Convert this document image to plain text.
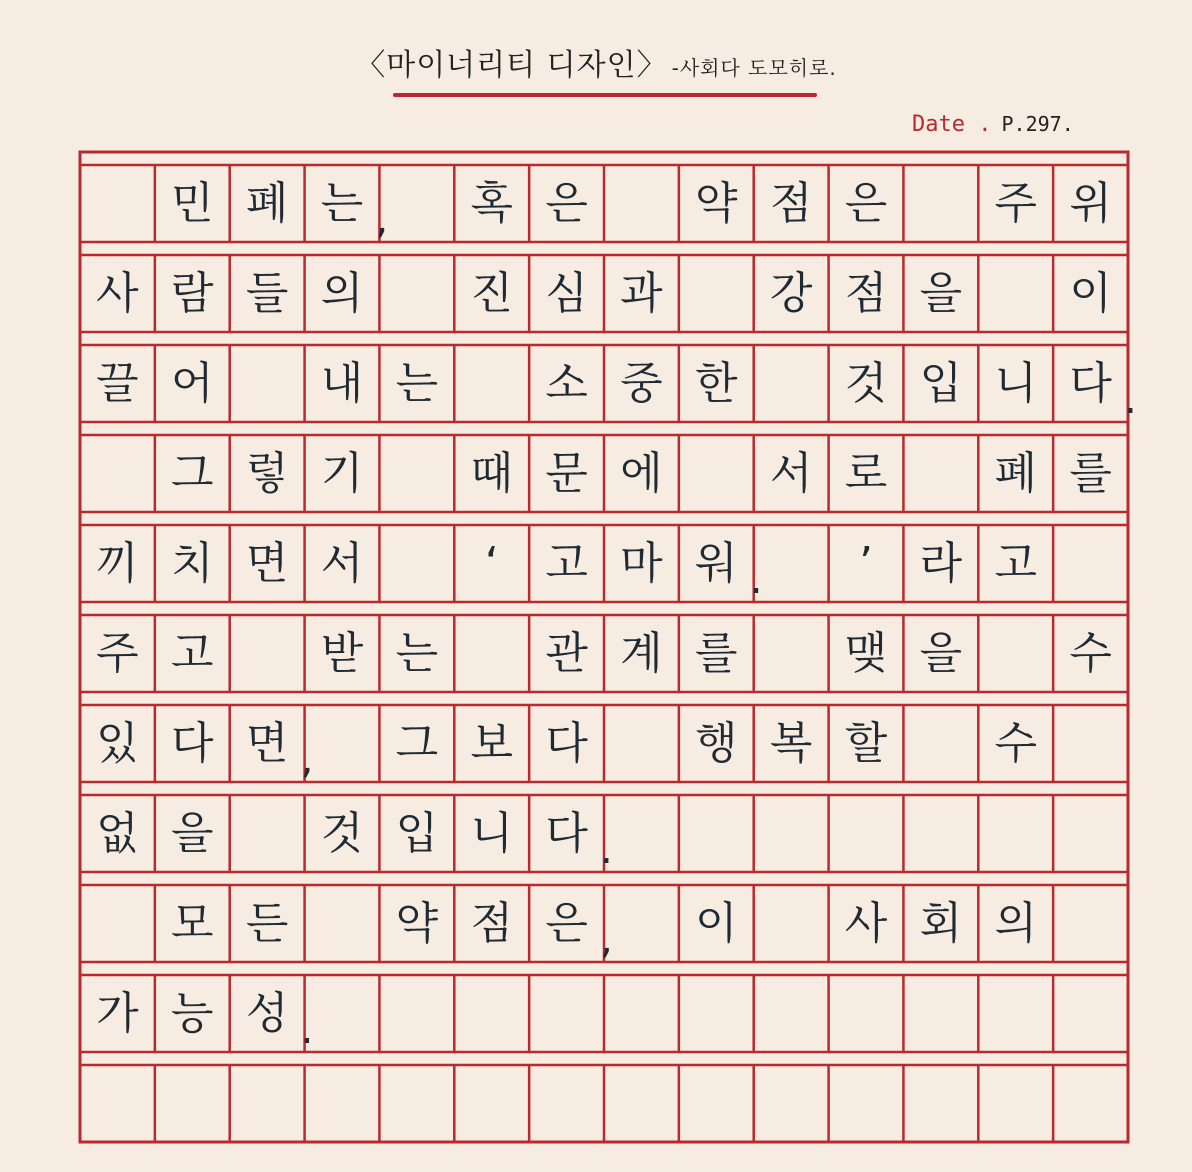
〈마이너리티 디자인〉 -사회다 도모히로.
Date . P.297.
민 폐 는 , 혹 은 약 점 은 주 위
사 람 들 의 진 심 과 강 점 을 이
끌 어 내 는 소 중 한 것 입 니 다 .
그 렇 기 때 문 에 서 로 폐 를
끼 치 면 서	‘ 고 마 워 . ’ 라 고
주 고 받 는 관 계 를 맺 을 수
있 다 면 , 그 보 다 행 복 할 수
없 을 것 입 니 다 .
모 든 약 점 은 , 이 사 회 의
가 능 성 .
